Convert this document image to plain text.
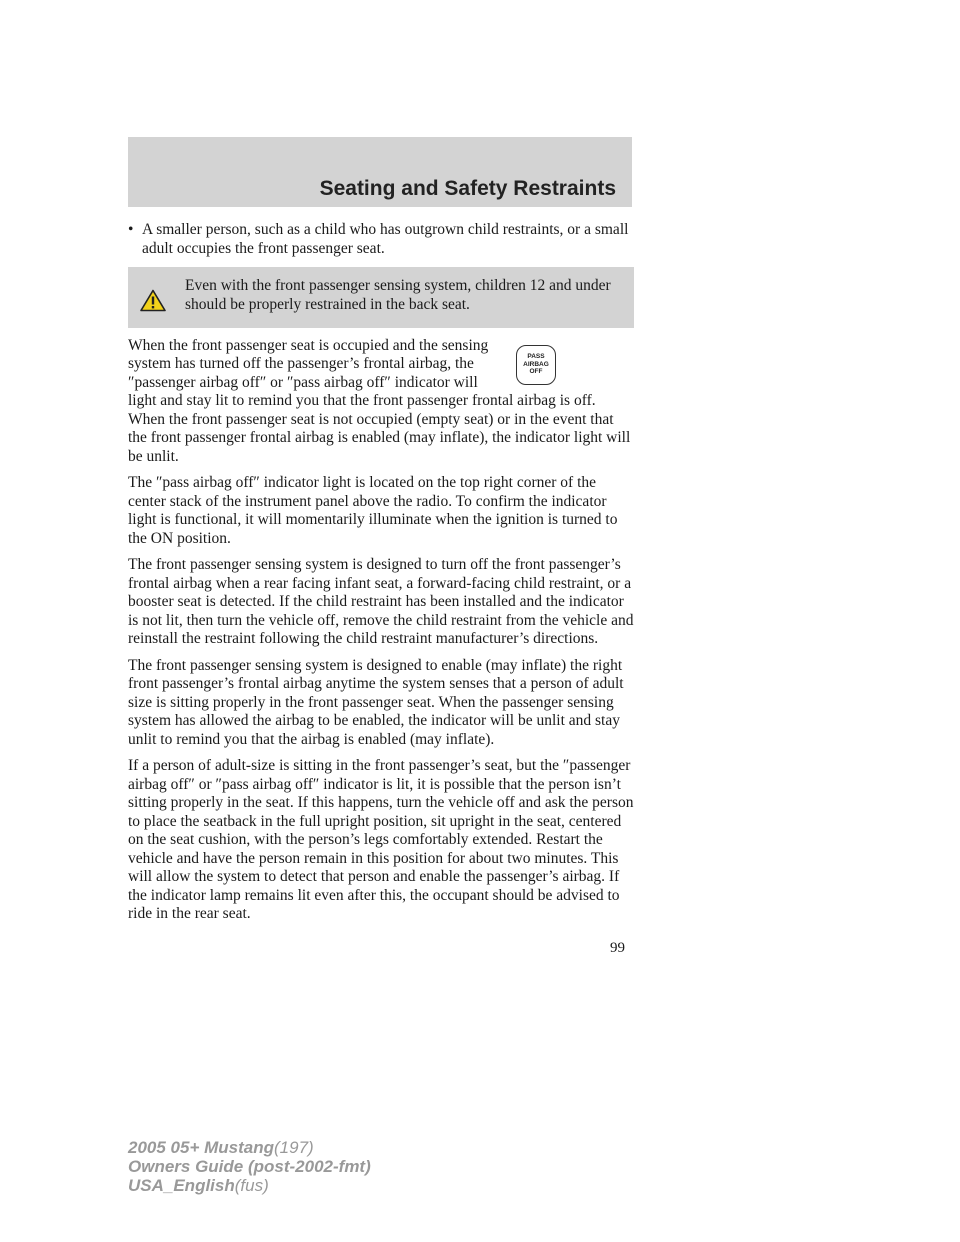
Seating and Safety Restraints
• A smaller person, such as a child who has outgrown child restraints, or a small adult occupies the front passenger seat.
Even with the front passenger sensing system, children 12 and under should be properly restrained in the back seat.
PASS
AIRBAG
OFF

When the front passenger seat is occupied and the sensing system has turned off the passenger’s frontal airbag, the ″passenger airbag off″ or ″pass airbag off″ indicator will light and stay lit to remind you that the front passenger frontal airbag is off. When the front passenger seat is not occupied (empty seat) or in the event that the front passenger frontal airbag is enabled (may inflate), the indicator light will be unlit.

The ″pass airbag off″ indicator light is located on the top right corner of the center stack of the instrument panel above the radio. To confirm the indicator light is functional, it will momentarily illuminate when the ignition is turned to the ON position.

The front passenger sensing system is designed to turn off the front passenger’s frontal airbag when a rear facing infant seat, a forward-facing child restraint, or a booster seat is detected. If the child restraint has been installed and the indicator is not lit, then turn the vehicle off, remove the child restraint from the vehicle and reinstall the restraint following the child restraint manufacturer’s directions.

The front passenger sensing system is designed to enable (may inflate) the right front passenger’s frontal airbag anytime the system senses that a person of adult size is sitting properly in the front passenger seat. When the passenger sensing system has allowed the airbag to be enabled, the indicator will be unlit and stay unlit to remind you that the airbag is enabled (may inflate).

If a person of adult-size is sitting in the front passenger’s seat, but the ″passenger airbag off″ or ″pass airbag off″ indicator is lit, it is possible that the person isn’t sitting properly in the seat. If this happens, turn the vehicle off and ask the person to place the seatback in the full upright position, sit upright in the seat, centered on the seat cushion, with the person’s legs comfortably extended. Restart the vehicle and have the person remain in this position for about two minutes. This will allow the system to detect that person and enable the passenger’s airbag. If the indicator lamp remains lit even after this, the occupant should be advised to ride in the rear seat.

99
2005 05+ Mustang(197)
Owners Guide (post-2002-fmt)
USA_English(fus)
